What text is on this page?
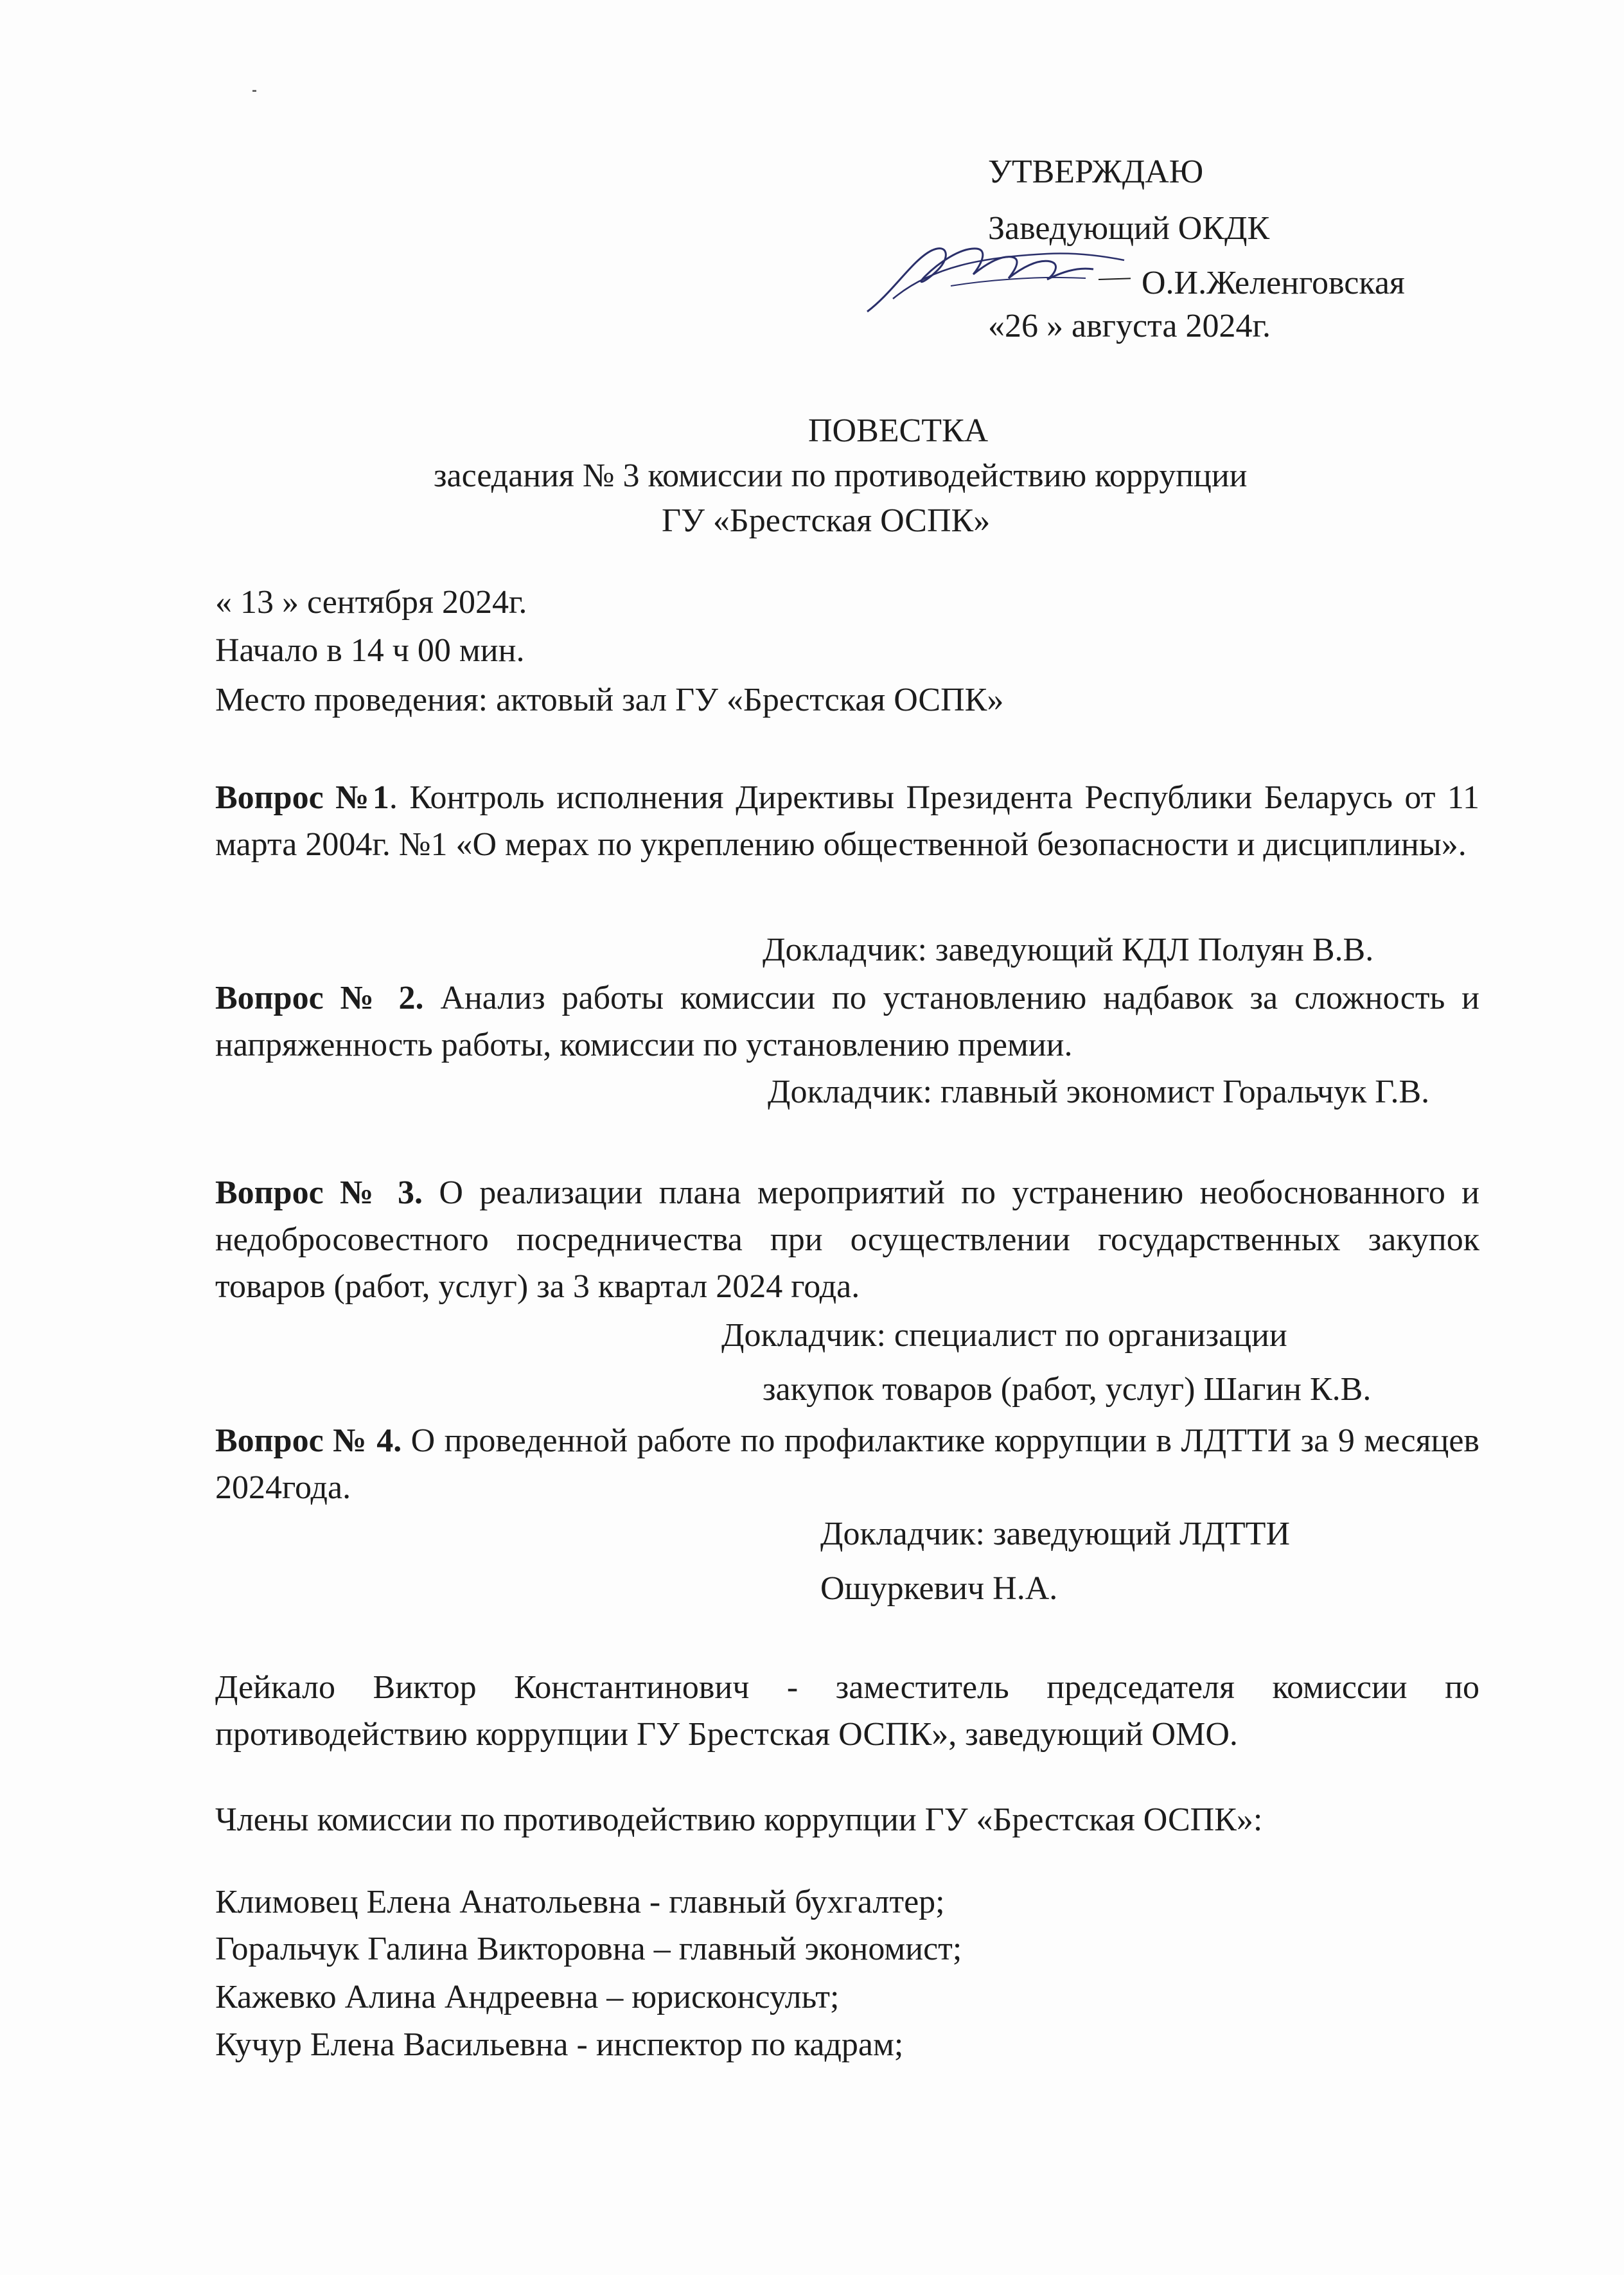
УТВЕРЖДАЮ
Заведующий ОКДК
О.И.Желенговская
«26 » августа 2024г.
ПОВЕСТКА
заседания № 3 комиссии по противодействию коррупции
ГУ «Брестская ОСПК»
« 13 » сентября 2024г.
Начало в 14 ч 00 мин.
Место проведения: актовый зал ГУ «Брестская ОСПК»
Вопрос №1. Контроль исполнения Директивы Президента Республики Беларусь от 11 марта 2004г. №1 «О мерах по укреплению общественной безопасности и дисциплины».
Докладчик: заведующий КДЛ Полуян В.В.
Вопрос № 2. Анализ работы комиссии по установлению надбавок за сложность и напряженность работы, комиссии по установлению премии.
Докладчик: главный экономист Горальчук Г.В.
Вопрос № 3. О реализации плана мероприятий по устранению необоснованного и недобросовестного посредничества при осуществлении государственных закупок товаров (работ, услуг) за 3 квартал 2024 года.
Докладчик: специалист по организации
закупок товаров (работ, услуг) Шагин К.В.
Вопрос № 4. О проведенной работе по профилактике коррупции в ЛДТТИ за 9 месяцев 2024года.
Докладчик: заведующий ЛДТТИ
Ошуркевич Н.А.
Дейкало Виктор Константинович - заместитель председателя комиссии по противодействию коррупции ГУ Брестская ОСПК», заведующий ОМО.
Члены комиссии по противодействию коррупции ГУ «Брестская ОСПК»:
Климовец Елена Анатольевна - главный бухгалтер;
Горальчук Галина Викторовна – главный экономист;
Кажевко Алина Андреевна – юрисконсульт;
Кучур Елена Васильевна - инспектор по кадрам;
